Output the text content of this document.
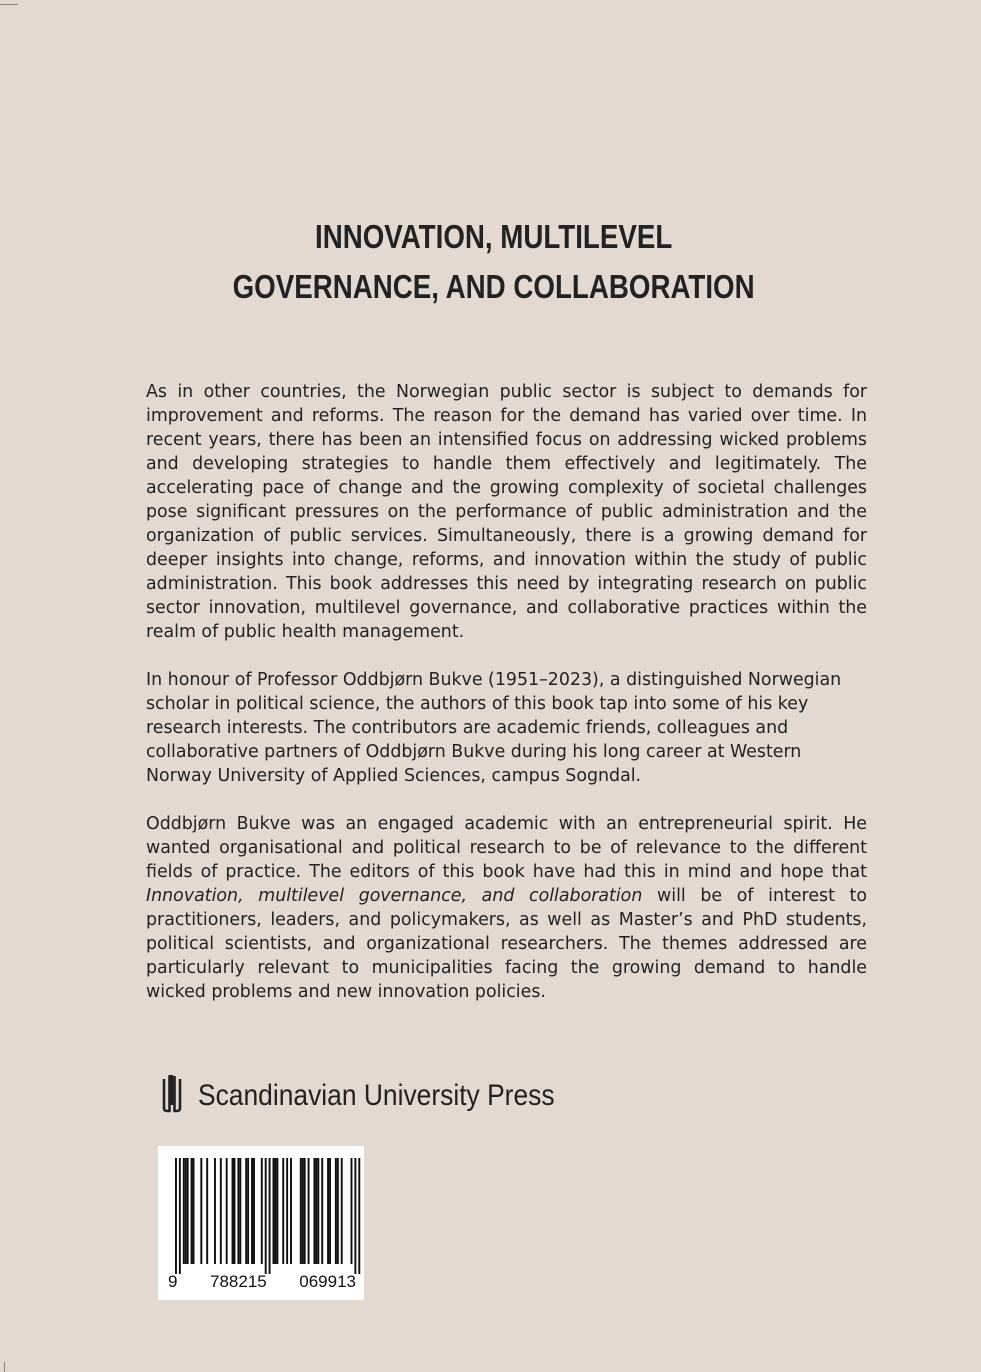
INNOVATION, MULTILEVEL
GOVERNANCE, AND COLLABORATION

As in other countries, the Norwegian public sector is subject to demands for improvement and reforms. The reason for the demand has varied over time. In recent years, there has been an intensified focus on addressing wicked problems and developing strategies to handle them effectively and legitimately. The accelerating pace of change and the growing complexity of societal challenges pose significant pressures on the performance of public administration and the organization of public services. Simultaneously, there is a growing demand for deeper insights into change, reforms, and innovation within the study of public administration. This book addresses this need by integrating research on public sector innovation, multilevel governance, and collaborative practices within the realm of public health management.

In honour of Professor Oddbjørn Bukve (1951–2023), a distinguished Norwegian scholar in political science, the authors of this book tap into some of his key research interests. The contributors are academic friends, colleagues and collaborative partners of Oddbjørn Bukve during his long career at Western Norway University of Applied Sciences, campus Sogndal.

Oddbjørn Bukve was an engaged academic with an entrepreneurial spirit. He wanted organisational and political research to be of relevance to the different fields of practice. The editors of this book have had this in mind and hope that Innovation, multilevel governance, and collaboration will be of interest to practitioners, leaders, and policymakers, as well as Master’s and PhD students, political scientists, and organizational researchers. The themes addressed are particularly relevant to municipalities facing the growing demand to handle wicked problems and new innovation policies.

Scandinavian University Press
9 788215 069913
